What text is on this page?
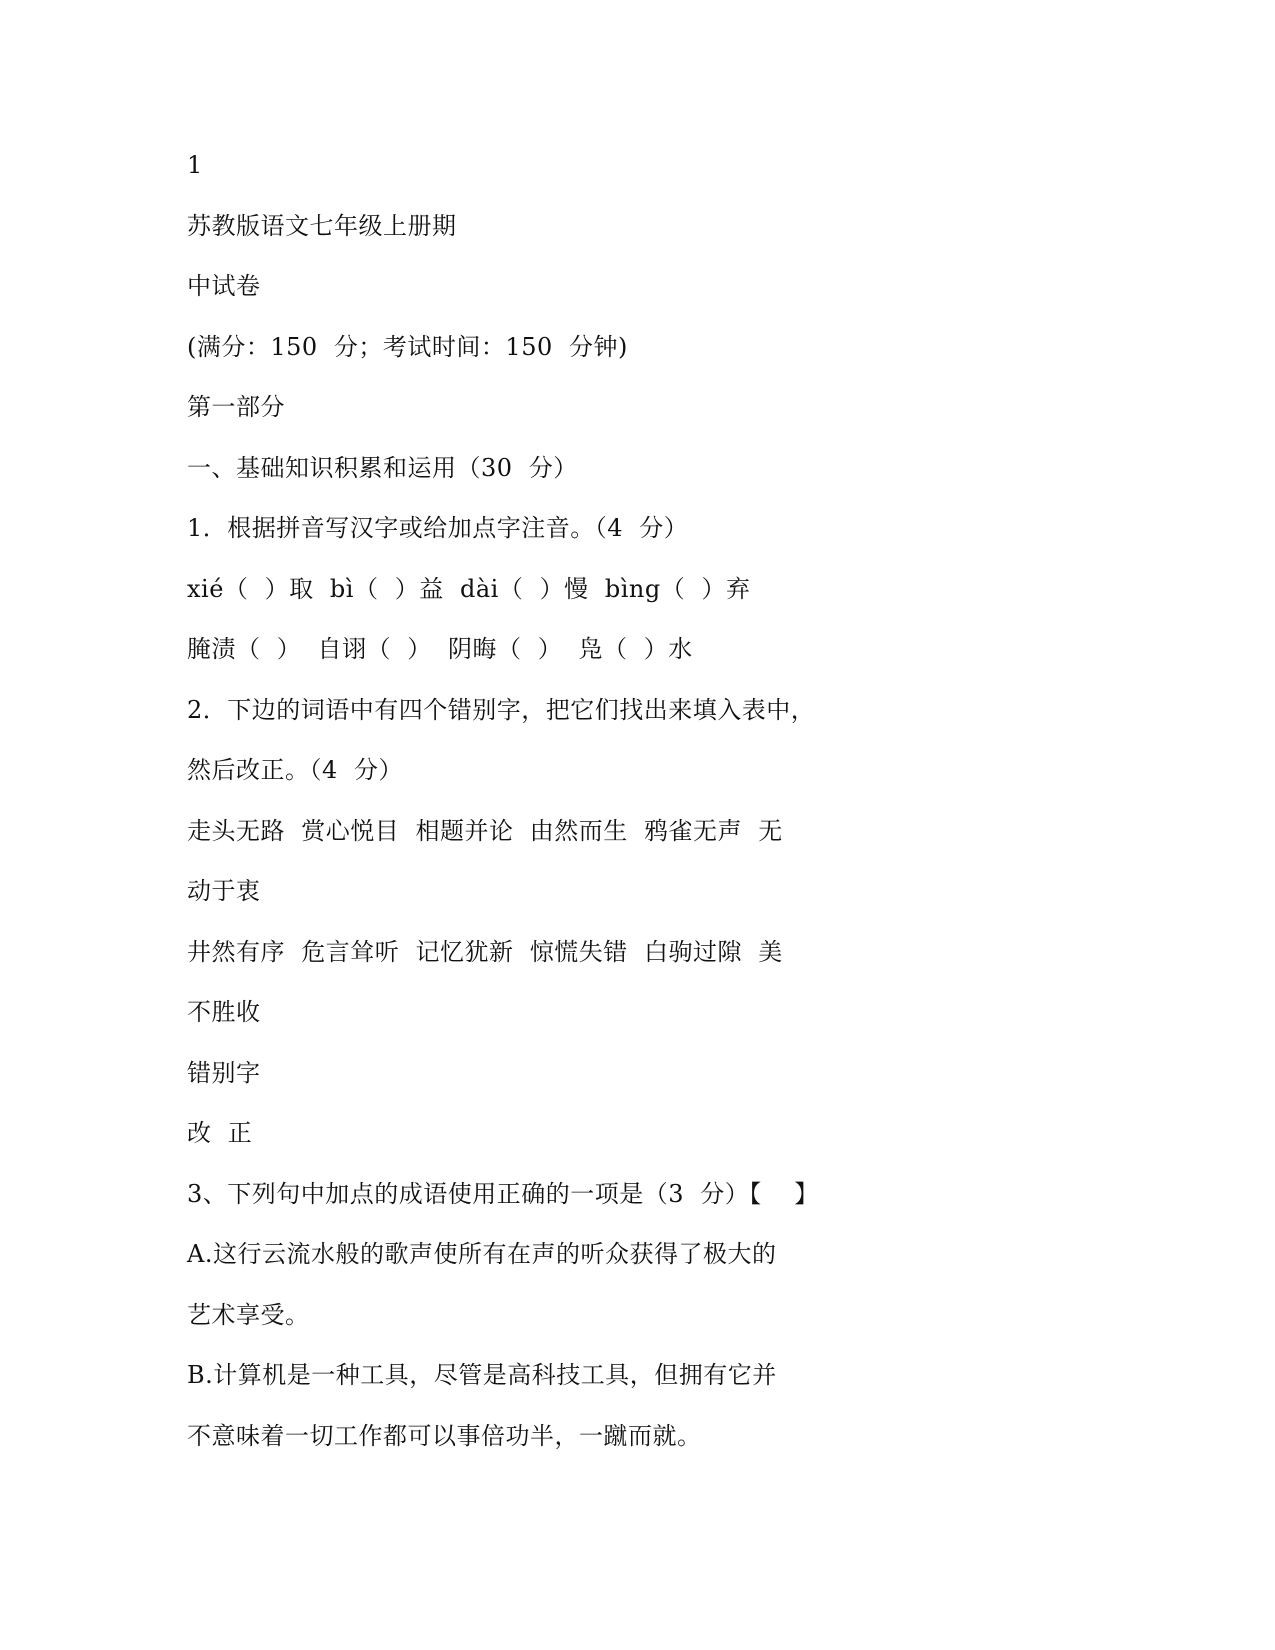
1
苏教版语文七年级上册期
中试卷
(满分：150  分；考试时间：150  分钟)
第一部分
一、基础知识积累和运用（30  分）
1．根据拼音写汉字或给加点字注音。（4  分）
xié（  ）取  bì（  ）益  dài（  ）慢  bìng（  ）弃
腌渍（  ）  自诩（  ）  阴晦（  ）  凫（  ）水
2．下边的词语中有四个错别字，把它们找出来填入表中，
然后改正。（4  分）
走头无路  赏心悦目  相题并论  由然而生  鸦雀无声  无
动于衷
井然有序  危言耸听  记忆犹新  惊慌失错  白驹过隙  美
不胜收
错别字
改  正
3、下列句中加点的成语使用正确的一项是（3  分）【    】
A.这行云流水般的歌声使所有在声的听众获得了极大的
艺术享受。
B.计算机是一种工具，尽管是高科技工具，但拥有它并
不意味着一切工作都可以事倍功半，一蹴而就。
